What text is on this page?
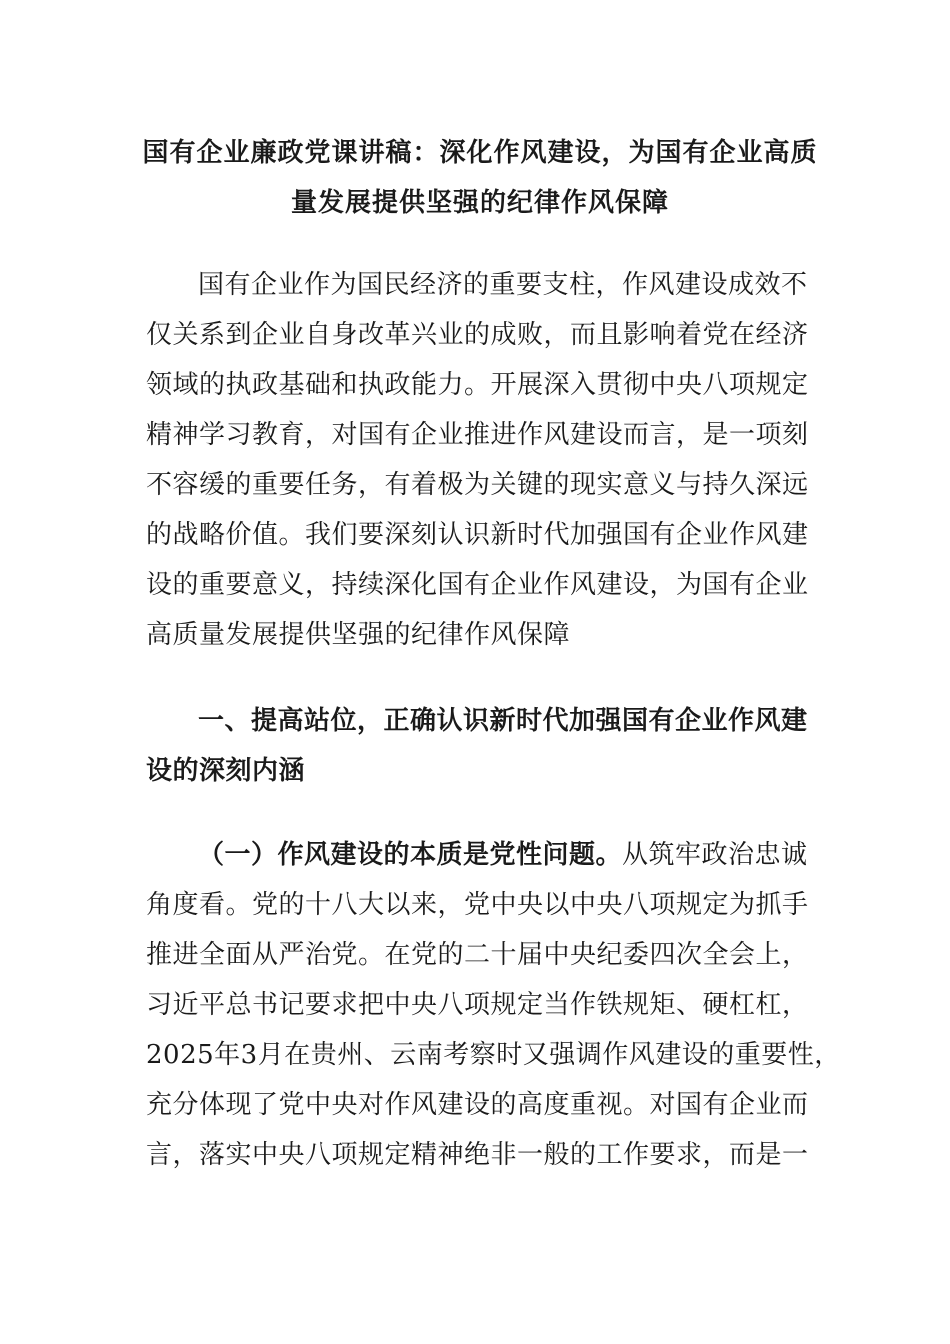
国有企业廉政党课讲稿：深化作风建设，为国有企业高质
量发展提供坚强的纪律作风保障

国有企业作为国民经济的重要支柱，作风建设成效不
仅关系到企业自身改革兴业的成败，而且影响着党在经济
领域的执政基础和执政能力。开展深入贯彻中央八项规定
精神学习教育，对国有企业推进作风建设而言，是一项刻
不容缓的重要任务，有着极为关键的现实意义与持久深远
的战略价值。我们要深刻认识新时代加强国有企业作风建
设的重要意义，持续深化国有企业作风建设，为国有企业
高质量发展提供坚强的纪律作风保障

一、提高站位，正确认识新时代加强国有企业作风建
设的深刻内涵

（一）作风建设的本质是党性问题。从筑牢政治忠诚
角度看。党的十八大以来，党中央以中央八项规定为抓手
推进全面从严治党。在党的二十届中央纪委四次全会上，
习近平总书记要求把中央八项规定当作铁规矩、硬杠杠，
2025年3月在贵州、云南考察时又强调作风建设的重要性，
充分体现了党中央对作风建设的高度重视。对国有企业而
言，落实中央八项规定精神绝非一般的工作要求，而是一
